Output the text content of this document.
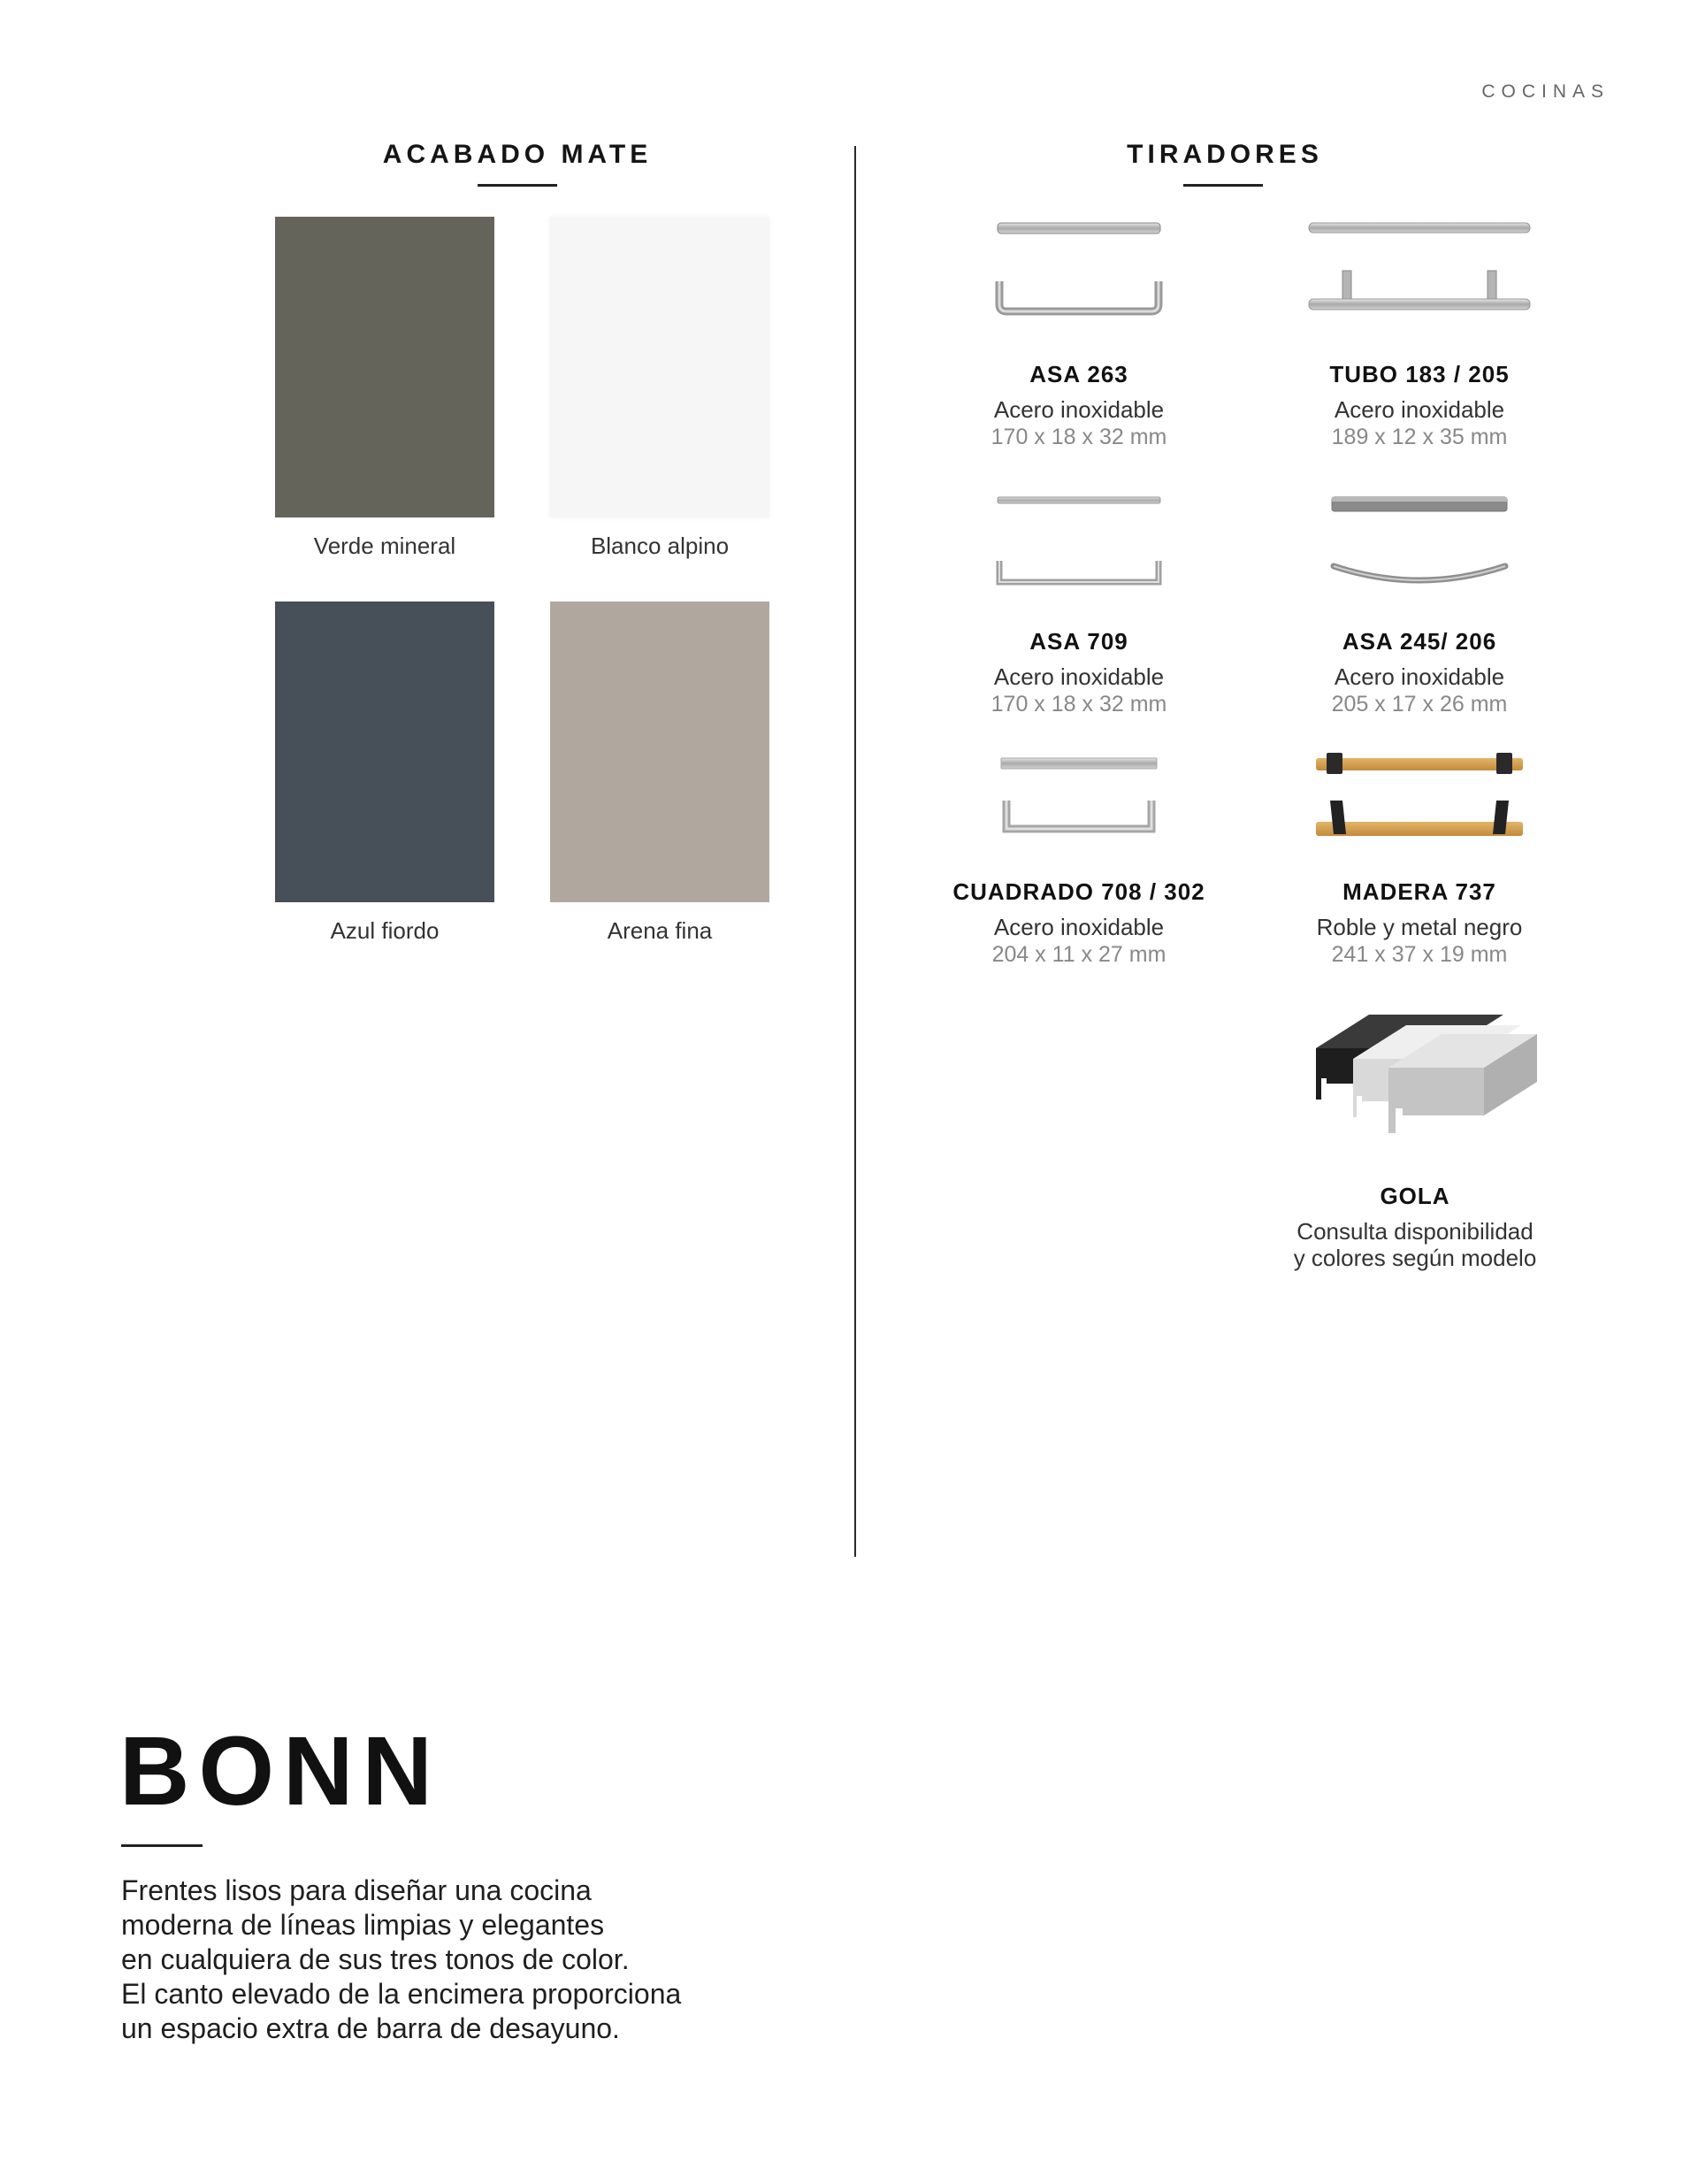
COCINAS
ACABADO MATE
Verde mineral	Blanco alpino
Azul fiordo	Arena fina
TIRADORES
ASA 263
Acero inoxidable
170 x 18 x 32 mm
TUBO 183 / 205
Acero inoxidable
189 x 12 x 35 mm
ASA 709
Acero inoxidable
170 x 18 x 32 mm
ASA 245/ 206
Acero inoxidable
205 x 17 x 26 mm
CUADRADO 708 / 302
Acero inoxidable
204 x 11 x 27 mm
MADERA 737
Roble y metal negro
241 x 37 x 19 mm
GOLA
Consulta disponibilidad
y colores según modelo
BONN
Frentes lisos para diseñar una cocina
moderna de líneas limpias y elegantes
en cualquiera de sus tres tonos de color.
El canto elevado de la encimera proporciona
un espacio extra de barra de desayuno.
